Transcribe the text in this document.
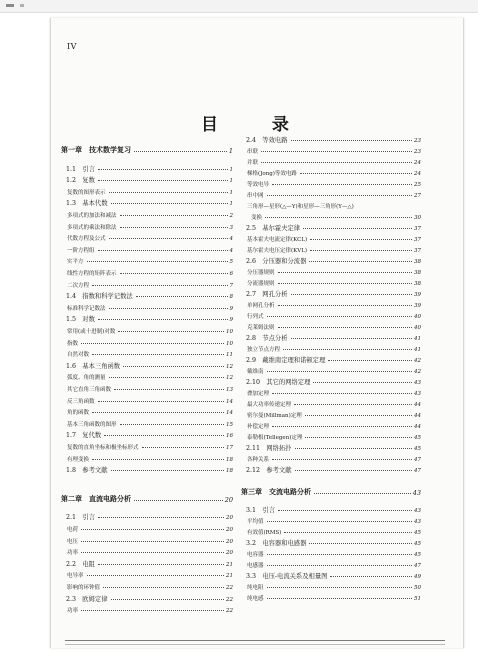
IV
目 录
第一章　技术数学复习	1
1.1　引言	1
1.2　复数	1
复数的图形表示	1
1.3　基本代数	1
多项式的加法和减法	2
多项式的乘法和除法	3
代数方程及公式	4
一阶方程组	4
实平方	5
线性方程的矩阵表示	6
二次方程	7
1.4　指数和科学记数法	8
标准科学记数法	9
1.5　对数	9
常用(或十进制)对数	10
指数	10
自然对数	11
1.6　基本三角函数	12
弧度、角的测量	12
其它直角三角函数	13
反三角函数	14
角的函数	14
基本三角函数的图形	15
1.7　复代数	16
复数的直角坐标和极坐标形式	17
有理变换	18
1.8　参考文献	18
第二章　直流电路分析	20
2.1　引言	20
电荷	20
电压	20
功率	20
2.2　电阻	21
电导率	21
影响的环钟值	22
2.3　欧姆定律	22
功率	22
2.4　等效电路	23
串联	23
并联	24
梯格(Jong)等效电路	24
等效电导	25
串中网	27
三角形—星形(△—Y)和星形—三角形(Y—△)
变换	30
2.5　基尔霍夫定律	37
基本霍夫电流定律(KCL)	37
基尔霍夫电压定律(KVL)	37
2.6　分压器和分流器	38
分压器规则	38
分流器规则	38
2.7　网孔分析	39
单网孔分析	39
行列式	40
克莱姆法则	40
2.8　节点分析	41
独立节点方程	41
2.9　戴维南定理和诺顿定理	42
戴维南	42
2.10　其它的网络定理	43
叠加定理	43
最大功率传递定理	44
密尔曼(Millman)定理	44
补偿定理	44
泰勒根(Tellegen)定理	45
2.11　网络拓扑	45
各种关系	47
2.12　参考文献	47
第三章　交流电路分析	43
3.1　引言	43
平均值	43
有效值(RMS)	45
3.2　电容器和电感器	45
电容器	45
电感器	47
3.3　电压-电流关系及相量图	49
纯电阻	50
纯电感	51
